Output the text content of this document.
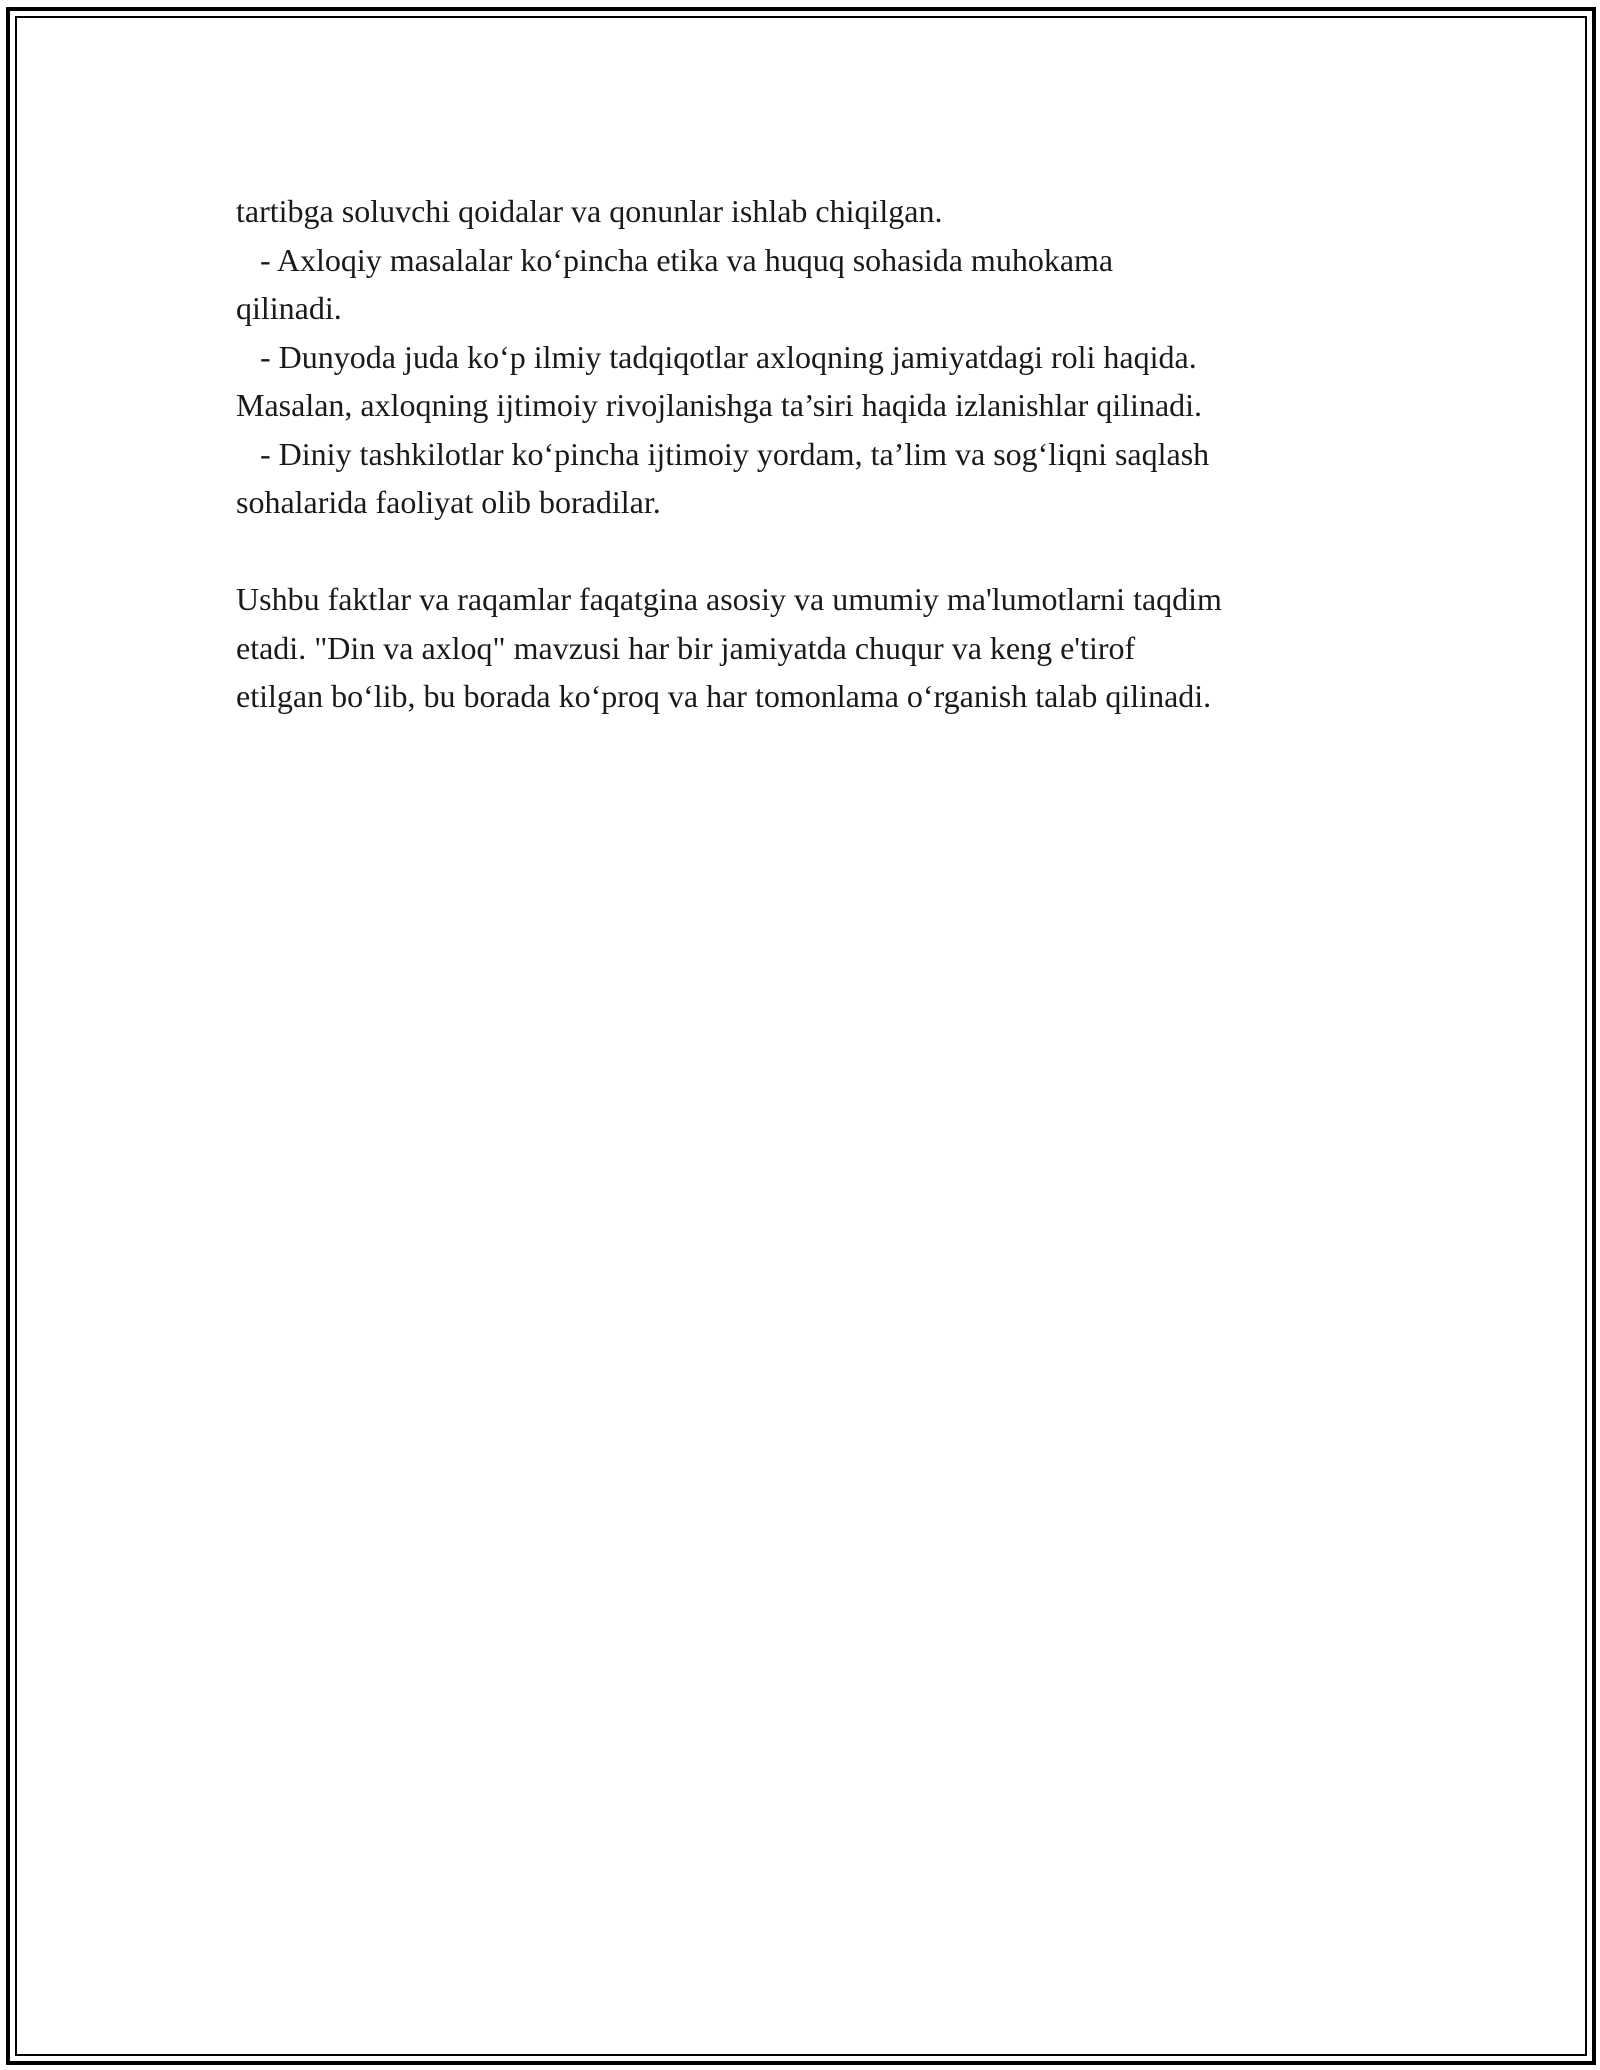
tartibga soluvchi qoidalar va qonunlar ishlab chiqilgan.
- Axloqiy masalalar ko‘pincha etika va huquq sohasida muhokama
qilinadi.
- Dunyoda juda ko‘p ilmiy tadqiqotlar axloqning jamiyatdagi roli haqida.
Masalan, axloqning ijtimoiy rivojlanishga ta’siri haqida izlanishlar qilinadi.
- Diniy tashkilotlar ko‘pincha ijtimoiy yordam, ta’lim va sog‘liqni saqlash
sohalarida faoliyat olib boradilar.
Ushbu faktlar va raqamlar faqatgina asosiy va umumiy ma'lumotlarni taqdim
etadi. "Din va axloq" mavzusi har bir jamiyatda chuqur va keng e'tirof
etilgan bo‘lib, bu borada ko‘proq va har tomonlama o‘rganish talab qilinadi.
